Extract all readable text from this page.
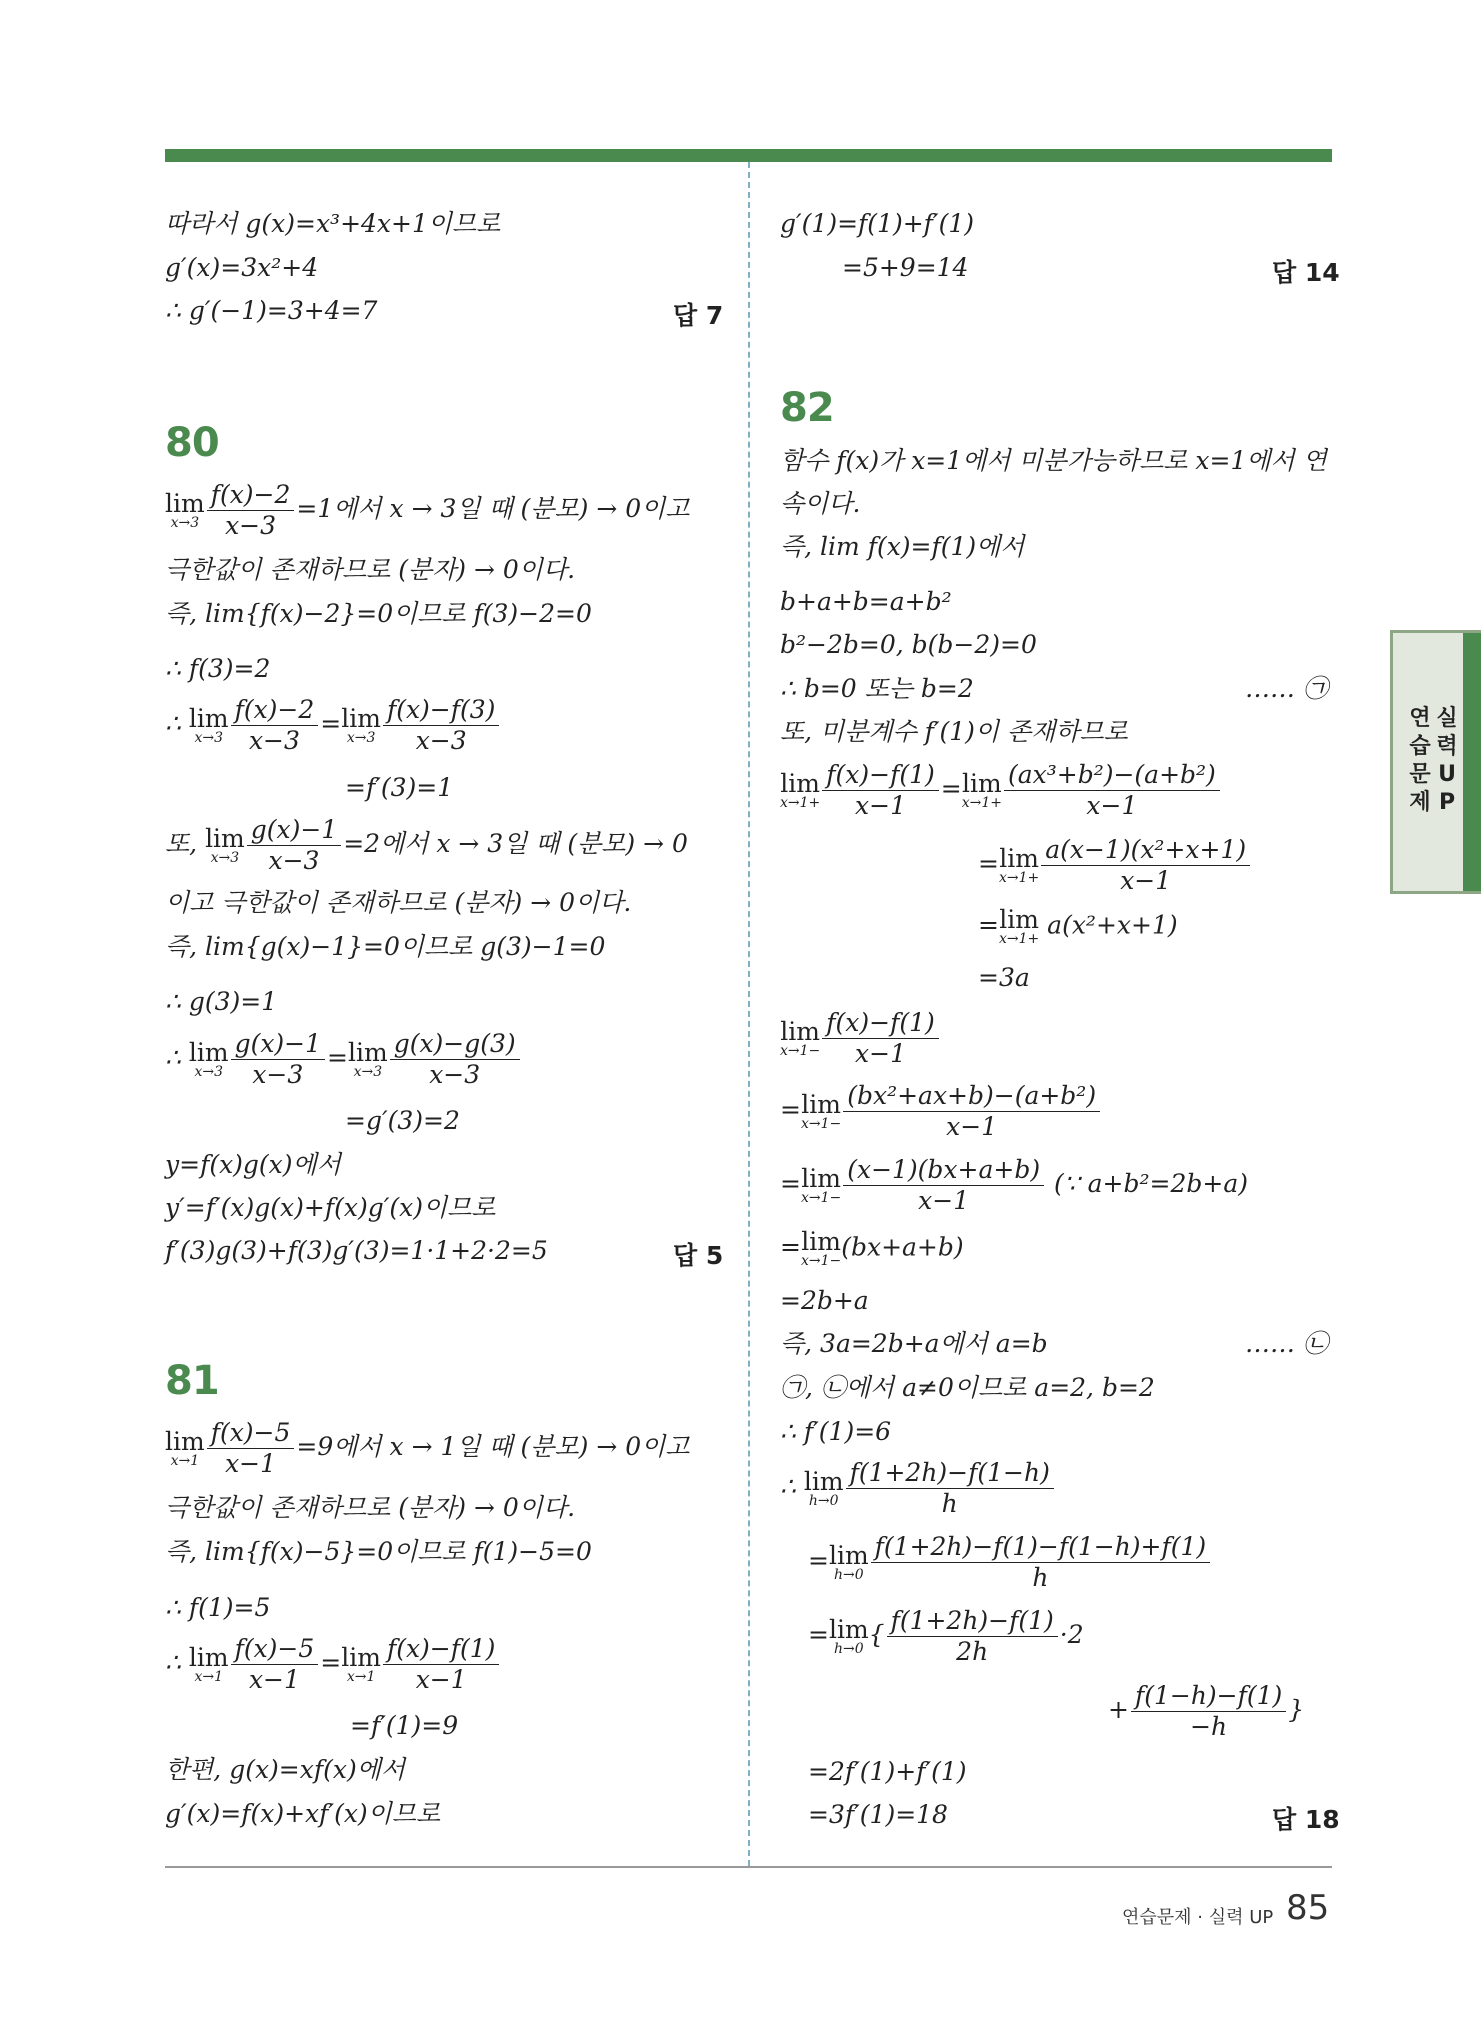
따라서 g(x)=x³+4x+1이므로
g′(x)=3x²+4
∴ g′(−1)=3+4=7	답 7
80
lim
$x\to 3 \frac{f(x)-2}{x-3} =1$에서 x → 3일 때 (분모) → 0이고
극한값이 존재하므로 (분자) → 0이다.
즉, lim{f(x)−2}=0이므로 f(3)−2=0
∴ f(3)=2
∴ lim
$x\to 3 \frac{f(x)-2}{x-3} =\lim$
$x\to 3 \frac{f(x)-f(3)}{x-3}$
=f′(3)=1
또, lim
$x\to 3 \frac{g(x)-1}{x-3} =2$에서 x → 3일 때 (분모) → 0
이고 극한값이 존재하므로 (분자) → 0이다.
즉, lim{g(x)−1}=0이므로 g(3)−1=0
∴ g(3)=1
∴ lim
$x\to 3 \frac{g(x)-1}{x-3} =\lim$
$x\to 3 \frac{g(x)-g(3)}{x-3}$
=g′(3)=2
y=f(x)g(x)에서
y′=f′(x)g(x)+f(x)g′(x)이므로
f′(3)g(3)+f(3)g′(3)=1·1+2·2=5	답 5
81
lim
$x\to 1 \frac{f(x)-5}{x-1} =9$에서 x → 1일 때 (분모) → 0이고
극한값이 존재하므로 (분자) → 0이다.
즉, lim{f(x)−5}=0이므로 f(1)−5=0
∴ f(1)=5
∴ lim
$x\to 1 \frac{f(x)-5}{x-1} =\lim$
$x\to 1 \frac{f(x)-f(1)}{x-1}$
=f′(1)=9
한편, g(x)=xf(x)에서
g′(x)=f(x)+xf′(x)이므로
g′(1)=f(1)+f′(1)
=5+9=14	답 14
82
함수 f(x)가 x=1에서 미분가능하므로 x=1에서 연
속이다.
즉, lim f(x)=f(1)에서
b+a+b=a+b²
b²−2b=0, b(b−2)=0
∴ b=0 또는 b=2	…… ㉠
또, 미분계수 f′(1)이 존재하므로
lim
$x\to 1+ \frac{f(x)-f(1)}{x-1} =\lim$
$x\to 1+ \frac{\text{(ax³+b²)−(a+b²)}}{x-1}$
=lim
$x\to 1+ \frac{\text{a(x−1)(x²+x+1)}}{x-1}$
=lim
x→1+ a(x²+x+1)
=3a
lim
$x\to 1- \frac{f(x)-f(1)}{x-1}$
=lim
$x\to 1- \frac{\text{(bx²+ax+b)−(a+b²)}}{x-1}$
=lim
$x\to 1- \frac{(x-1)(bx+a+b)}{x-1}$ (∵ a+b²=2b+a)
=lim
x→1− (bx+a+b)
=2b+a
즉, 3a=2b+a에서 a=b	…… ㉡
㉠, ㉡에서 a≠0이므로 a=2, b=2
∴ f′(1)=6
∴ lim
$h\to 0 \frac{f(1+2h)-f(1-h)}{h}$
=lim
$h\to 0 \frac{f(1+2h)-f(1)-f(1-h)+f(1)}{h}$
=lim
h→0 { $\frac{f(1+2h)-f(1)}{2h} \cdot 2$
+ $\frac{f(1-h)-f(1)}{-h}$ }
=2f′(1)+f′(1)
=3f′(1)=18	답 18
연
습
문
제
실
력
U
P
연습문제 · 실력 UP 85
